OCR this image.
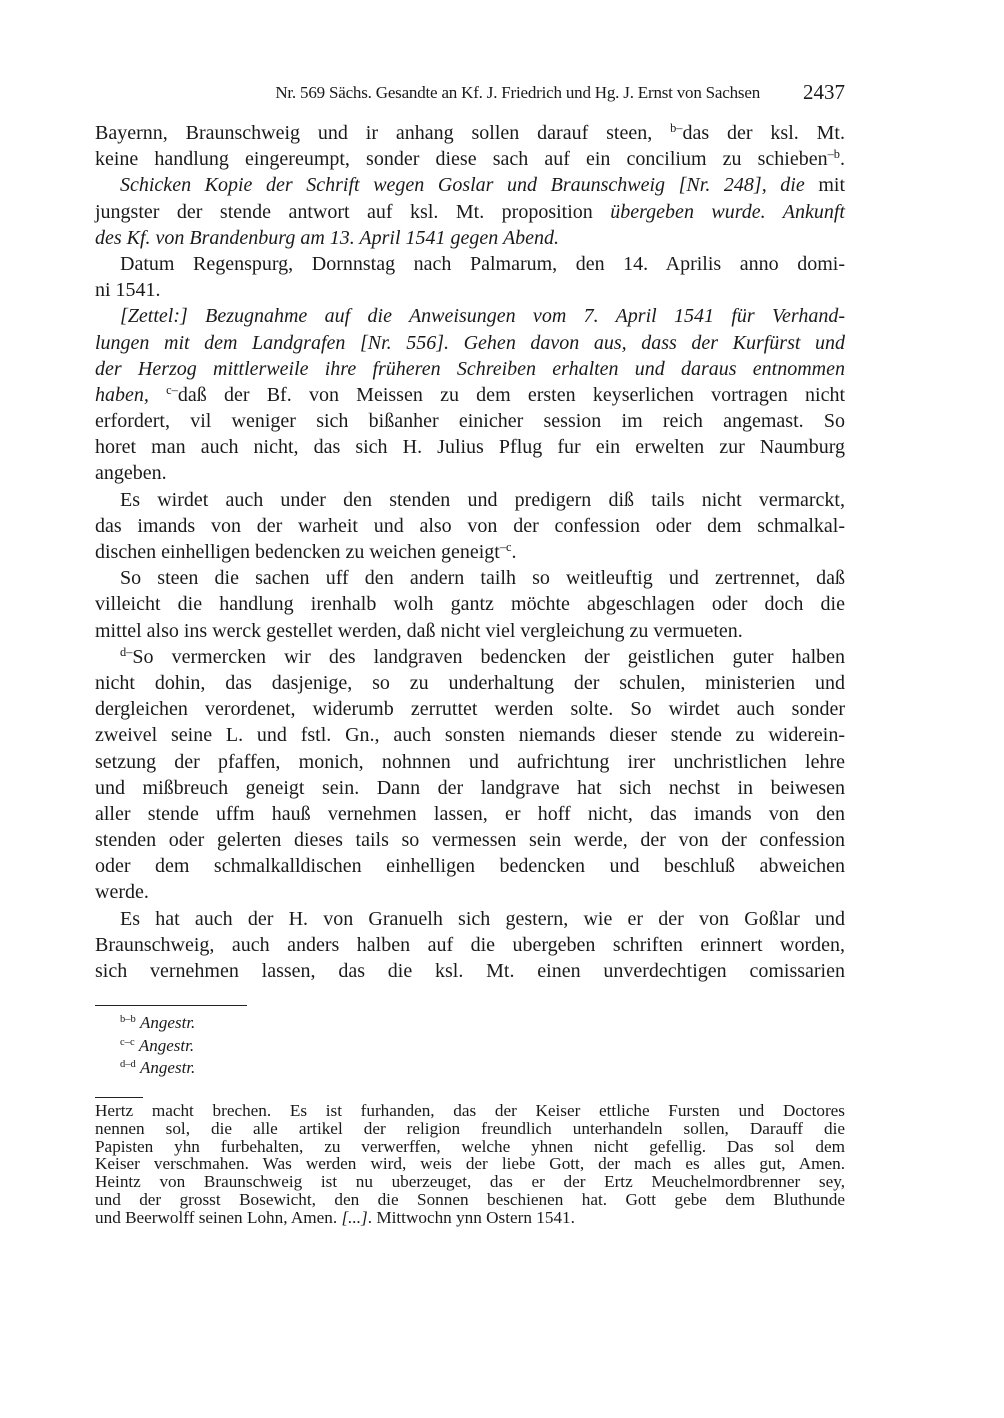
Nr. 569 Sächs. Gesandte an Kf. J. Friedrich und Hg. J. Ernst von Sachsen 2437
Bayernn, Braunschweig und ir anhang sollen darauf steen, $^{b-}$das der ksl. Mt.
keine handlung eingereumpt, sonder diese sach auf ein concilium zu schieben$^{-b}$.
Schicken Kopie der Schrift wegen Goslar und Braunschweig [Nr. 248], die mit
jungster der stende antwort auf ksl. Mt. proposition übergeben wurde. Ankunft
des Kf. von Brandenburg am 13. April 1541 gegen Abend.
Datum Regenspurg, Dornnstag nach Palmarum, den 14. Aprilis anno domi-
ni 1541.
[Zettel:] Bezugnahme auf die Anweisungen vom 7. April 1541 für Verhand-
lungen mit dem Landgrafen [Nr. 556]. Gehen davon aus, dass der Kurfürst und
der Herzog mittlerweile ihre früheren Schreiben erhalten und daraus entnommen
haben, $^{c-}$daß der Bf. von Meissen zu dem ersten keyserlichen vortragen nicht
erfordert, vil weniger sich bißanher einicher session im reich angemast. So
horet man auch nicht, das sich H. Julius Pflug fur ein erwelten zur Naumburg
angeben.
Es wirdet auch under den stenden und predigern diß tails nicht vermarckt,
das imands von der warheit und also von der confession oder dem schmalkal-
dischen einhelligen bedencken zu weichen geneigt$^{-c}$.
So steen die sachen uff den andern tailh so weitleuftig und zertrennet, daß
villeicht die handlung irenhalb wolh gantz möchte abgeschlagen oder doch die
mittel also ins werck gestellet werden, daß nicht viel vergleichung zu vermueten.
$^{d-}$So vermercken wir des landgraven bedencken der geistlichen guter halben
nicht dohin, das dasjenige, so zu underhaltung der schulen, ministerien und
dergleichen verordenet, widerumb zerruttet werden solte. So wirdet auch sonder
zweivel seine L. und fstl. Gn., auch sonsten niemands dieser stende zu widerein-
setzung der pfaffen, monich, nohnnen und aufrichtung irer unchristlichen lehre
und mißbreuch geneigt sein. Dann der landgrave hat sich nechst in beiwesen
aller stende uffm hauß vernehmen lassen, er hoff nicht, das imands von den
stenden oder gelerten dieses tails so vermessen sein werde, der von der confession
oder dem schmalkalldischen einhelligen bedencken und beschluß abweichen
werde.
Es hat auch der H. von Granuelh sich gestern, wie er der von Goßlar und
Braunschweig, auch anders halben auf die ubergeben schriften erinnert worden,
sich vernehmen lassen, das die ksl. Mt. einen unverdechtigen comissarien
$^{b-b}$ Angestr.
$^{c-c}$ Angestr.
$^{d-d}$ Angestr.
Hertz macht brechen. Es ist furhanden, das der Keiser ettliche Fursten und Doctores
nennen sol, die alle artikel der religion freundlich unterhandeln sollen, Darauff die
Papisten yhn furbehalten, zu verwerffen, welche yhnen nicht gefellig. Das sol dem
Keiser verschmahen. Was werden wird, weis der liebe Gott, der mach es alles gut, Amen.
Heintz von Braunschweig ist nu uberzeuget, das er der Ertz Meuchelmordbrenner sey,
und der grosst Bosewicht, den die Sonnen beschienen hat. Gott gebe dem Bluthunde
und Beerwolff seinen Lohn, Amen. [...]. Mittwochn ynn Ostern 1541.
